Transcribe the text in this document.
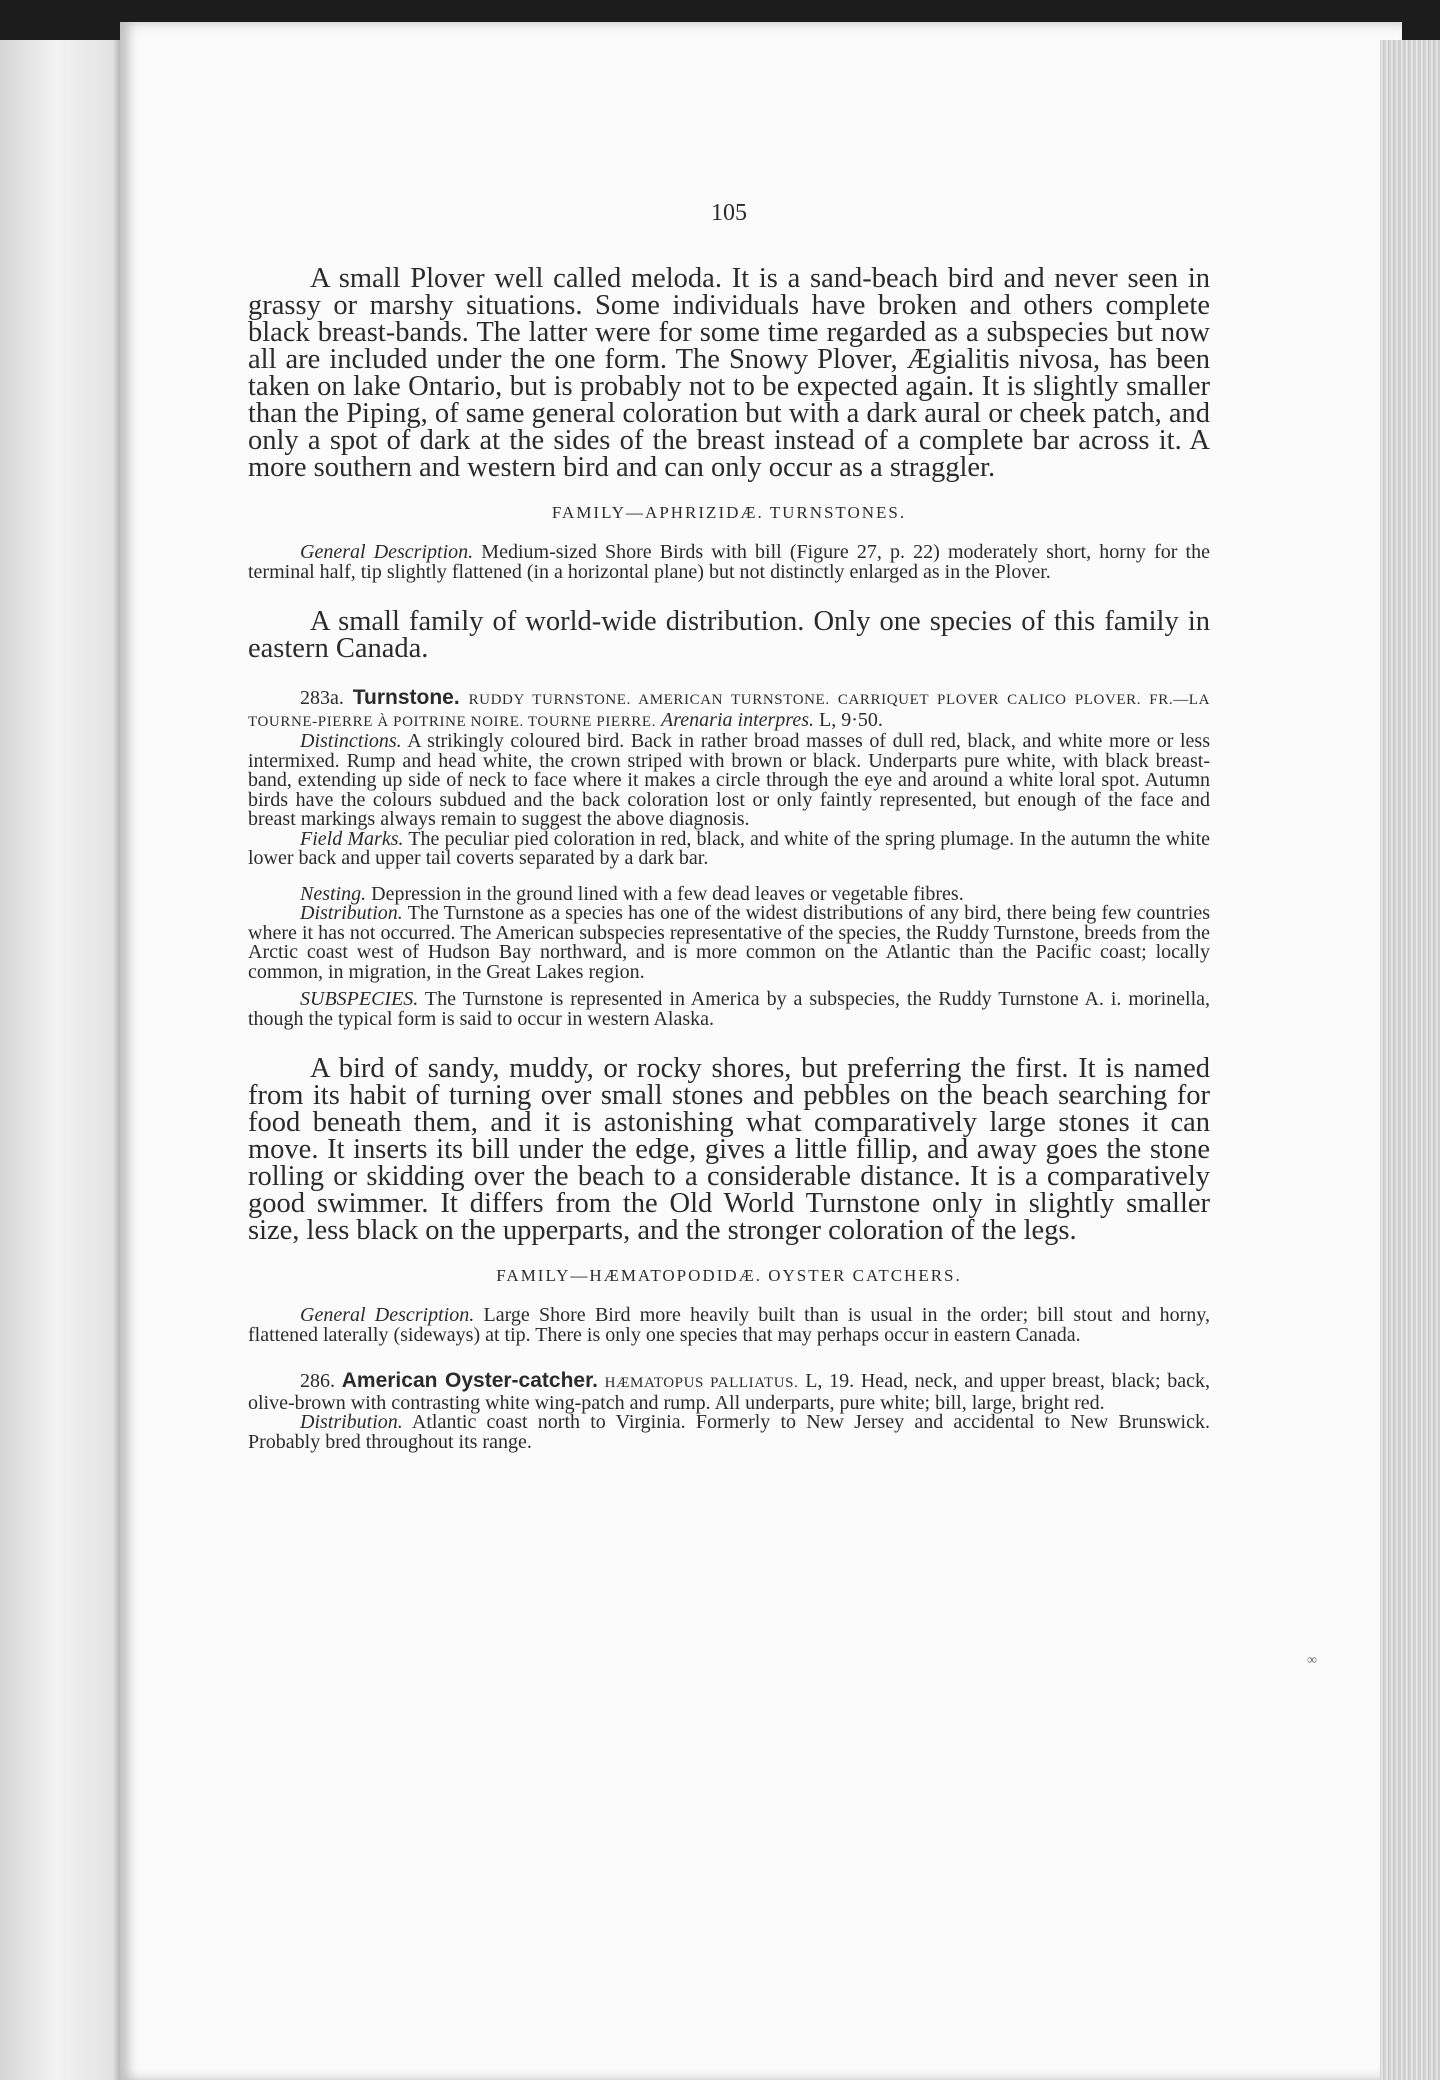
105

A small Plover well called meloda. It is a sand-beach bird and never seen in grassy or marshy situations. Some individuals have broken and others complete black breast-bands. The latter were for some time regarded as a subspecies but now all are included under the one form. The Snowy Plover, Ægialitis nivosa, has been taken on lake Ontario, but is probably not to be expected again. It is slightly smaller than the Piping, of same general coloration but with a dark aural or cheek patch, and only a spot of dark at the sides of the breast instead of a complete bar across it. A more southern and western bird and can only occur as a straggler.

FAMILY—APHRIZIDÆ. TURNSTONES.

General Description. Medium-sized Shore Birds with bill (Figure 27, p. 22) moderately short, horny for the terminal half, tip slightly flattened (in a horizontal plane) but not distinctly enlarged as in the Plover.

A small family of world-wide distribution. Only one species of this family in eastern Canada.

283a. Turnstone. RUDDY TURNSTONE. AMERICAN TURNSTONE. CARRIQUET PLOVER CALICO PLOVER. FR.—LA TOURNE-PIERRE À POITRINE NOIRE. TOURNE PIERRE. Arenaria interpres. L, 9·50.

Distinctions. A strikingly coloured bird. Back in rather broad masses of dull red, black, and white more or less intermixed. Rump and head white, the crown striped with brown or black. Underparts pure white, with black breast-band, extending up side of neck to face where it makes a circle through the eye and around a white loral spot. Autumn birds have the colours subdued and the back coloration lost or only faintly represented, but enough of the face and breast markings always remain to suggest the above diagnosis.

Field Marks. The peculiar pied coloration in red, black, and white of the spring plumage. In the autumn the white lower back and upper tail coverts separated by a dark bar.

Nesting. Depression in the ground lined with a few dead leaves or vegetable fibres.

Distribution. The Turnstone as a species has one of the widest distributions of any bird, there being few countries where it has not occurred. The American subspecies representative of the species, the Ruddy Turnstone, breeds from the Arctic coast west of Hudson Bay northward, and is more common on the Atlantic than the Pacific coast; locally common, in migration, in the Great Lakes region.

SUBSPECIES. The Turnstone is represented in America by a subspecies, the Ruddy Turnstone A. i. morinella, though the typical form is said to occur in western Alaska.

A bird of sandy, muddy, or rocky shores, but preferring the first. It is named from its habit of turning over small stones and pebbles on the beach searching for food beneath them, and it is astonishing what comparatively large stones it can move. It inserts its bill under the edge, gives a little fillip, and away goes the stone rolling or skidding over the beach to a considerable distance. It is a comparatively good swimmer. It differs from the Old World Turnstone only in slightly smaller size, less black on the upperparts, and the stronger coloration of the legs.

FAMILY—HÆMATOPODIDÆ. OYSTER CATCHERS.

General Description. Large Shore Bird more heavily built than is usual in the order; bill stout and horny, flattened laterally (sideways) at tip. There is only one species that may perhaps occur in eastern Canada.

286. American Oyster-catcher. HÆMATOPUS PALLIATUS. L, 19. Head, neck, and upper breast, black; back, olive-brown with contrasting white wing-patch and rump. All underparts, pure white; bill, large, bright red.

Distribution. Atlantic coast north to Virginia. Formerly to New Jersey and accidental to New Brunswick. Probably bred throughout its range.

∞
